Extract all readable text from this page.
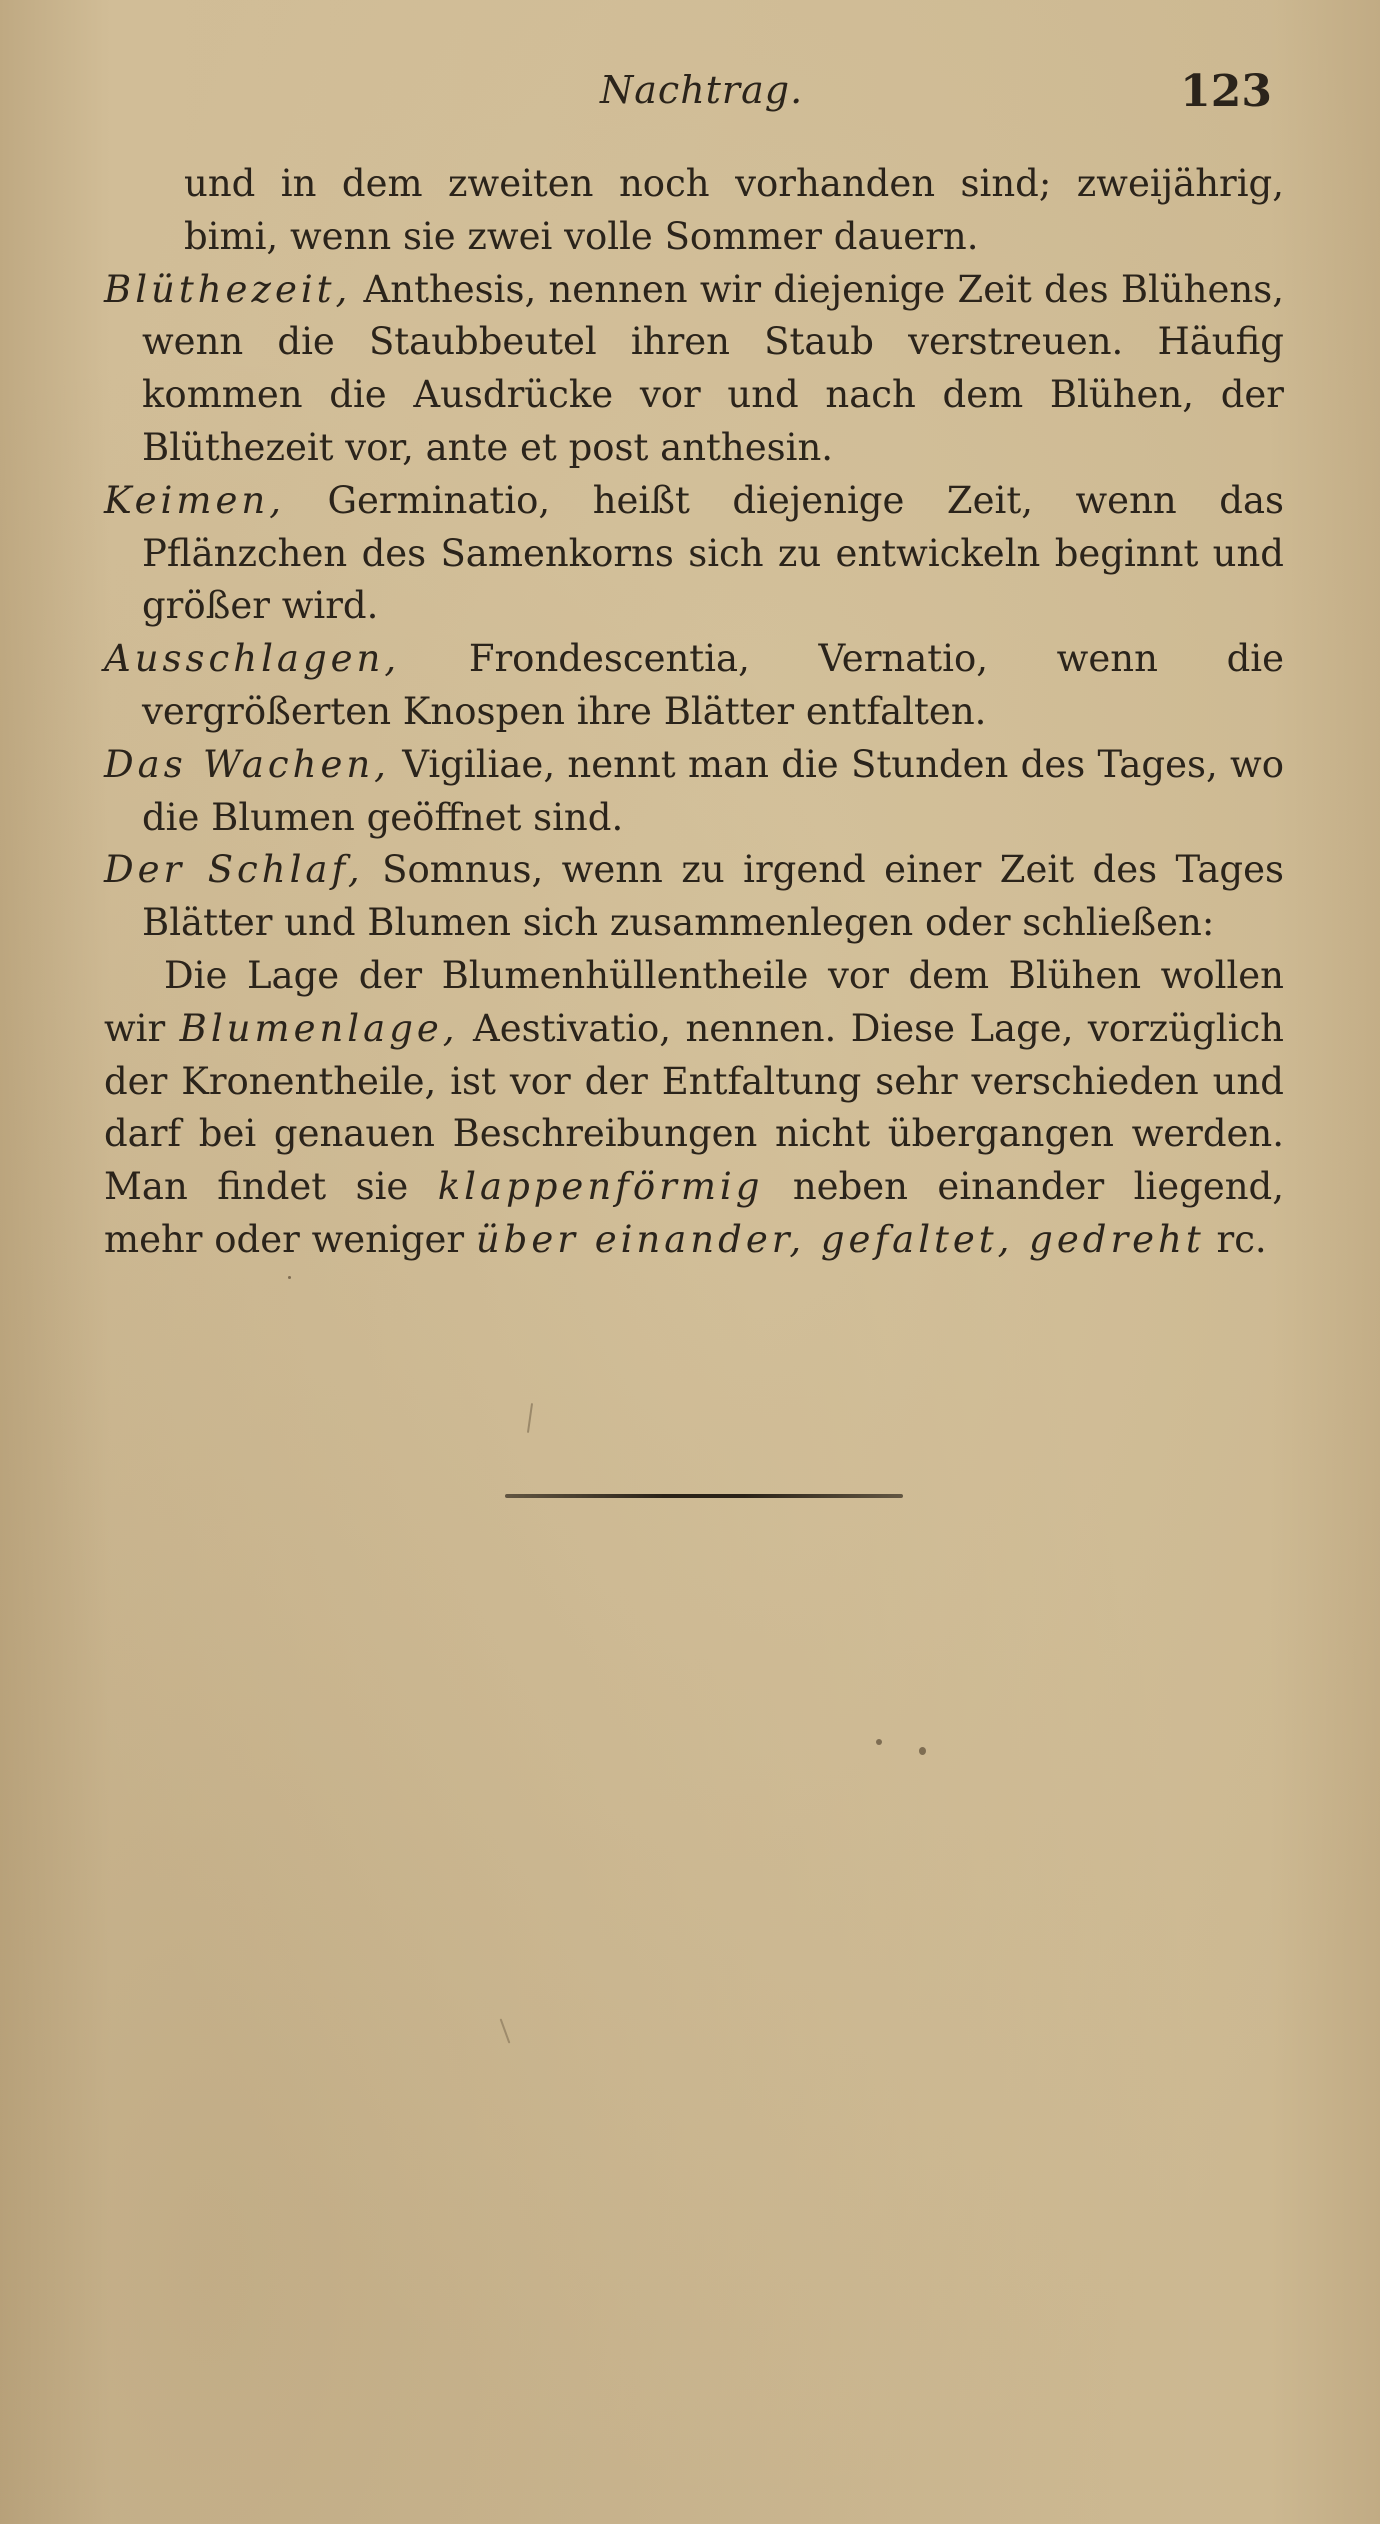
Nachtrag.	123

und in dem zweiten noch vorhanden sind; zweijährig, bimi, wenn sie zwei volle Sommer dauern.

Blüthezeit, Anthesis, nennen wir diejenige Zeit des Blühens, wenn die Staubbeutel ihren Staub verstreuen. Häufig kommen die Ausdrücke vor und nach dem Blühen, der Blüthezeit vor, ante et post anthesin.

Keimen, Germinatio, heißt diejenige Zeit, wenn das Pflänzchen des Samenkorns sich zu entwickeln beginnt und größer wird.

Ausschlagen, Frondescentia, Vernatio, wenn die vergrößerten Knospen ihre Blätter entfalten.

Das Wachen, Vigiliae, nennt man die Stunden des Tages, wo die Blumen geöffnet sind.

Der Schlaf, Somnus, wenn zu irgend einer Zeit des Tages Blätter und Blumen sich zusammenlegen oder schließen:

Die Lage der Blumenhüllentheile vor dem Blühen wollen wir Blumenlage, Aestivatio, nennen. Diese Lage, vorzüglich der Kronentheile, ist vor der Entfaltung sehr verschieden und darf bei genauen Beschreibungen nicht übergangen werden. Man findet sie klappenförmig neben einander liegend, mehr oder weniger über einander, gefaltet, gedreht rc.
